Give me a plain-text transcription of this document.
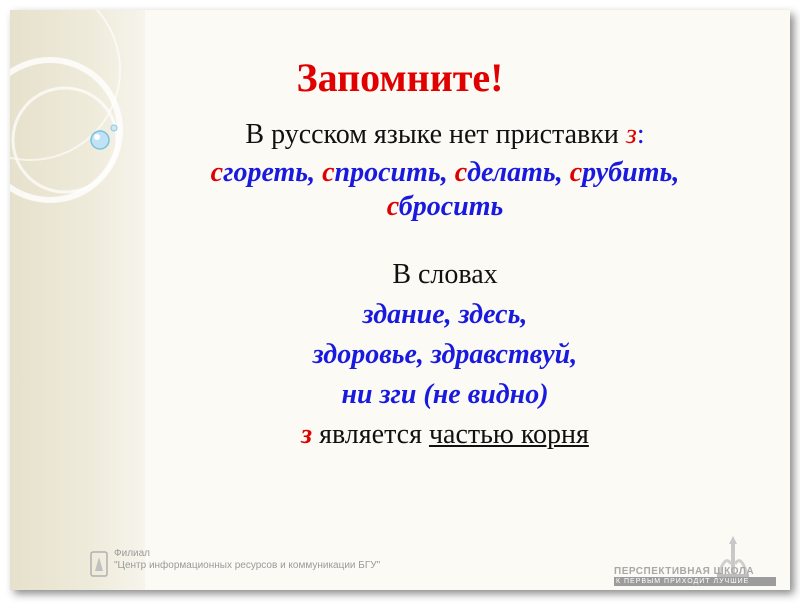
Запомните!
В русском языке нет приставки з:
сгореть, спросить, сделать, срубить,
сбросить
В словах
здание, здесь,
здоровье, здравствуй,
ни зги (не видно)
з является частью корня
Филиал
"Центр информационных ресурсов и коммуникации БГУ"
ПЕРСПЕКТИВНАЯ ШКОЛА
К ПЕРВЫМ ПРИХОДИТ ЛУЧШИЕ
